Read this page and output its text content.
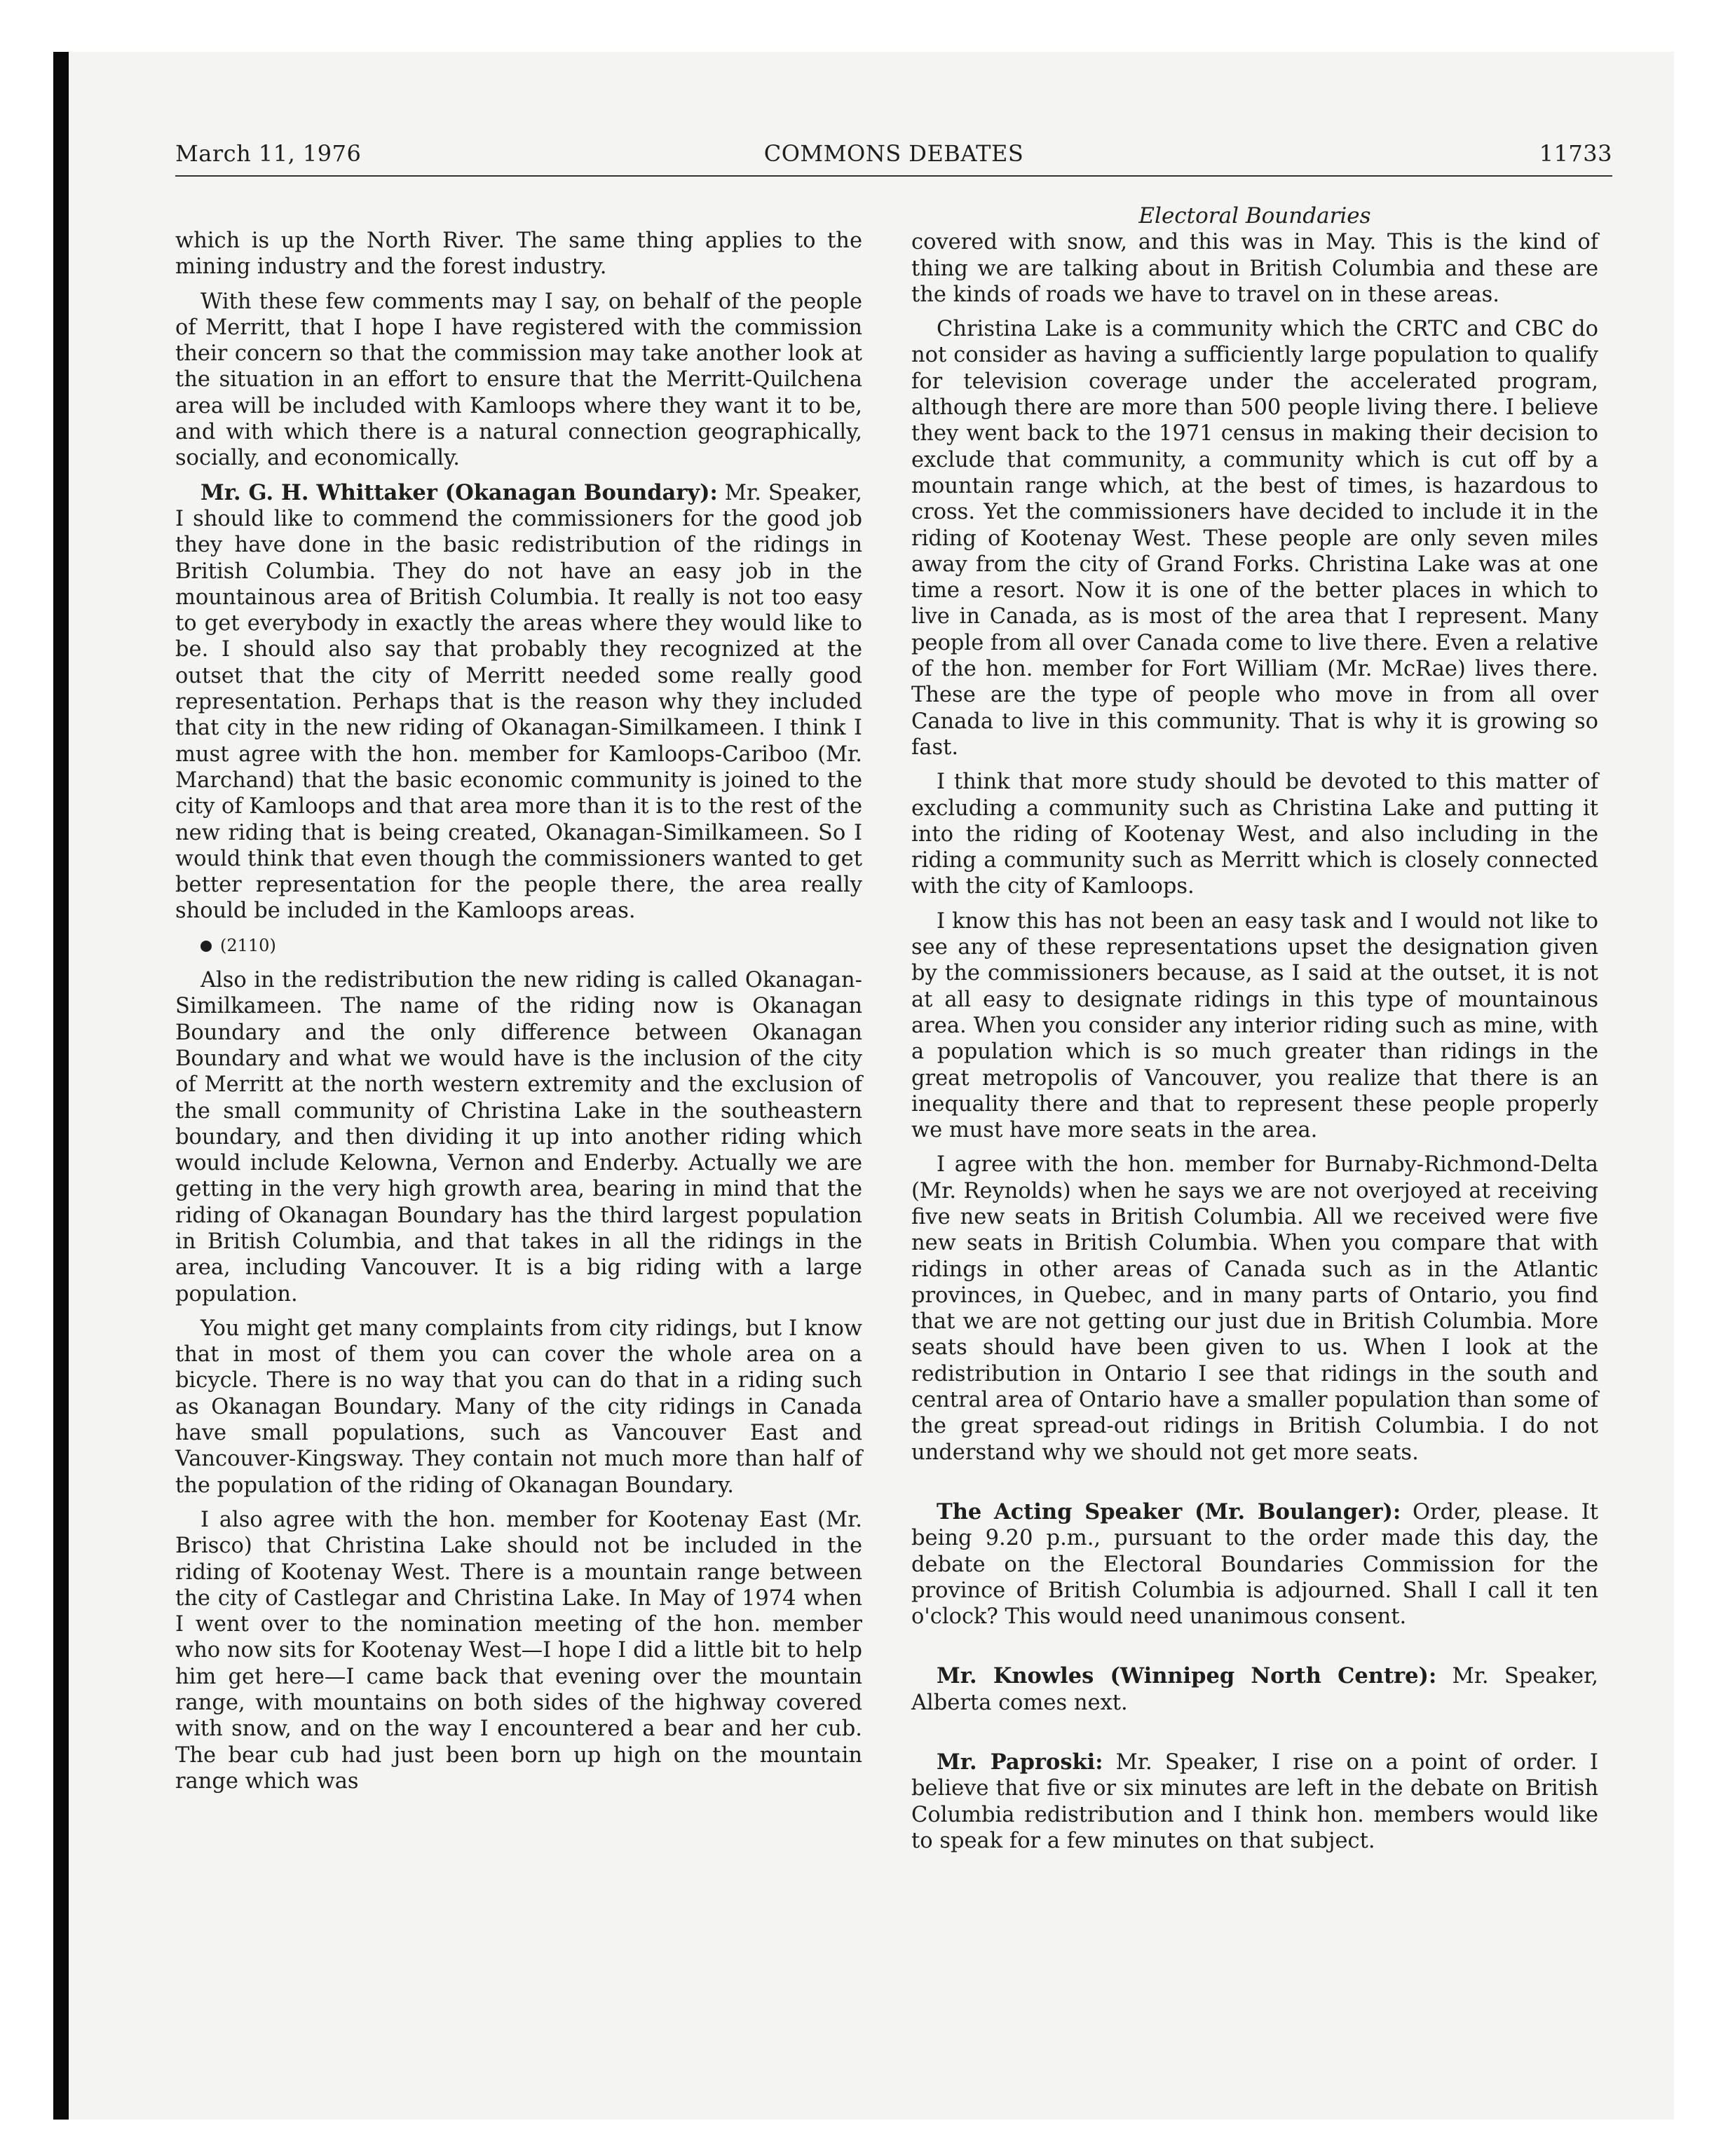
March 11, 1976	COMMONS DEBATES	11733

which is up the North River. The same thing applies to the mining industry and the forest industry.

With these few comments may I say, on behalf of the people of Merritt, that I hope I have registered with the commission their concern so that the commission may take another look at the situation in an effort to ensure that the Merritt-Quilchena area will be included with Kamloops where they want it to be, and with which there is a natural connection geographically, socially, and economically.

Mr. G. H. Whittaker (Okanagan Boundary): Mr. Speaker, I should like to commend the commissioners for the good job they have done in the basic redistribution of the ridings in British Columbia. They do not have an easy job in the mountainous area of British Columbia. It really is not too easy to get everybody in exactly the areas where they would like to be. I should also say that probably they recognized at the outset that the city of Merritt needed some really good representation. Perhaps that is the reason why they included that city in the new riding of Okanagan-Similkameen. I think I must agree with the hon. member for Kamloops-Cariboo (Mr. Marchand) that the basic economic community is joined to the city of Kamloops and that area more than it is to the rest of the new riding that is being created, Okanagan-Similkameen. So I would think that even though the commissioners wanted to get better representation for the people there, the area really should be included in the Kamloops areas.

(2110)

Also in the redistribution the new riding is called Okanagan-Similkameen. The name of the riding now is Okanagan Boundary and the only difference between Okanagan Boundary and what we would have is the inclusion of the city of Merritt at the north western extremity and the exclusion of the small community of Christina Lake in the southeastern boundary, and then dividing it up into another riding which would include Kelowna, Vernon and Enderby. Actually we are getting in the very high growth area, bearing in mind that the riding of Okanagan Boundary has the third largest population in British Columbia, and that takes in all the ridings in the area, including Vancouver. It is a big riding with a large population.

You might get many complaints from city ridings, but I know that in most of them you can cover the whole area on a bicycle. There is no way that you can do that in a riding such as Okanagan Boundary. Many of the city ridings in Canada have small populations, such as Vancouver East and Vancouver-Kingsway. They contain not much more than half of the population of the riding of Okanagan Boundary.

I also agree with the hon. member for Kootenay East (Mr. Brisco) that Christina Lake should not be included in the riding of Kootenay West. There is a mountain range between the city of Castlegar and Christina Lake. In May of 1974 when I went over to the nomination meeting of the hon. member who now sits for Kootenay West—I hope I did a little bit to help him get here—I came back that evening over the mountain range, with mountains on both sides of the highway covered with snow, and on the way I encountered a bear and her cub. The bear cub had just been born up high on the mountain range which was

Electoral Boundaries

covered with snow, and this was in May. This is the kind of thing we are talking about in British Columbia and these are the kinds of roads we have to travel on in these areas.

Christina Lake is a community which the CRTC and CBC do not consider as having a sufficiently large population to qualify for television coverage under the accelerated program, although there are more than 500 people living there. I believe they went back to the 1971 census in making their decision to exclude that community, a community which is cut off by a mountain range which, at the best of times, is hazardous to cross. Yet the commissioners have decided to include it in the riding of Kootenay West. These people are only seven miles away from the city of Grand Forks. Christina Lake was at one time a resort. Now it is one of the better places in which to live in Canada, as is most of the area that I represent. Many people from all over Canada come to live there. Even a relative of the hon. member for Fort William (Mr. McRae) lives there. These are the type of people who move in from all over Canada to live in this community. That is why it is growing so fast.

I think that more study should be devoted to this matter of excluding a community such as Christina Lake and putting it into the riding of Kootenay West, and also including in the riding a community such as Merritt which is closely connected with the city of Kamloops.

I know this has not been an easy task and I would not like to see any of these representations upset the designation given by the commissioners because, as I said at the outset, it is not at all easy to designate ridings in this type of mountainous area. When you consider any interior riding such as mine, with a population which is so much greater than ridings in the great metropolis of Vancouver, you realize that there is an inequality there and that to represent these people properly we must have more seats in the area.

I agree with the hon. member for Burnaby-Richmond-Delta (Mr. Reynolds) when he says we are not overjoyed at receiving five new seats in British Columbia. All we received were five new seats in British Columbia. When you compare that with ridings in other areas of Canada such as in the Atlantic provinces, in Quebec, and in many parts of Ontario, you find that we are not getting our just due in British Columbia. More seats should have been given to us. When I look at the redistribution in Ontario I see that ridings in the south and central area of Ontario have a smaller population than some of the great spread-out ridings in British Columbia. I do not understand why we should not get more seats.

The Acting Speaker (Mr. Boulanger): Order, please. It being 9.20 p.m., pursuant to the order made this day, the debate on the Electoral Boundaries Commission for the province of British Columbia is adjourned. Shall I call it ten o'clock? This would need unanimous consent.

Mr. Knowles (Winnipeg North Centre): Mr. Speaker, Alberta comes next.

Mr. Paproski: Mr. Speaker, I rise on a point of order. I believe that five or six minutes are left in the debate on British Columbia redistribution and I think hon. members would like to speak for a few minutes on that subject.
